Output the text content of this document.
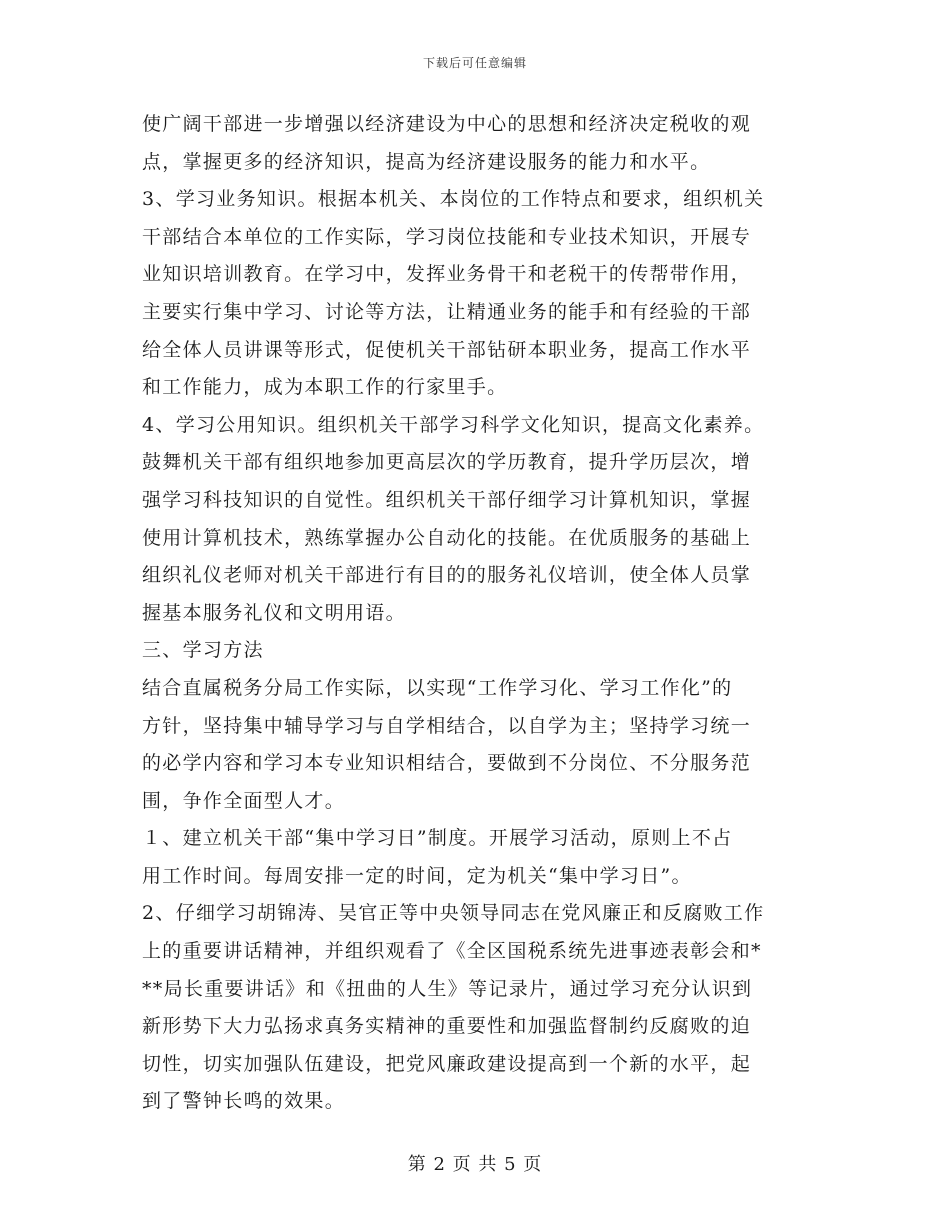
下载后可任意编辑
使广阔干部进一步增强以经济建设为中心的思想和经济决定税收的观
点，掌握更多的经济知识，提高为经济建设服务的能力和水平。
3、学习业务知识。根据本机关、本岗位的工作特点和要求，组织机关
干部结合本单位的工作实际，学习岗位技能和专业技术知识，开展专
业知识培训教育。在学习中，发挥业务骨干和老税干的传帮带作用，
主要实行集中学习、讨论等方法，让精通业务的能手和有经验的干部
给全体人员讲课等形式，促使机关干部钻研本职业务，提高工作水平
和工作能力，成为本职工作的行家里手。
4、学习公用知识。组织机关干部学习科学文化知识，提高文化素养。
鼓舞机关干部有组织地参加更高层次的学历教育，提升学历层次，增
强学习科技知识的自觉性。组织机关干部仔细学习计算机知识，掌握
使用计算机技术，熟练掌握办公自动化的技能。在优质服务的基础上
组织礼仪老师对机关干部进行有目的的服务礼仪培训，使全体人员掌
握基本服务礼仪和文明用语。
三、学习方法
结合直属税务分局工作实际，以实现“工作学习化、学习工作化”的
方针，坚持集中辅导学习与自学相结合，以自学为主；坚持学习统一
的必学内容和学习本专业知识相结合，要做到不分岗位、不分服务范
围，争作全面型人才。
１、建立机关干部“集中学习日”制度。开展学习活动，原则上不占
用工作时间。每周安排一定的时间，定为机关“集中学习日”。
2、仔细学习胡锦涛、吴官正等中央领导同志在党风廉正和反腐败工作
上的重要讲话精神，并组织观看了《全区国税系统先进事迹表彰会和*
**局长重要讲话》和《扭曲的人生》等记录片，通过学习充分认识到
新形势下大力弘扬求真务实精神的重要性和加强监督制约反腐败的迫
切性，切实加强队伍建设，把党风廉政建设提高到一个新的水平，起
到了警钟长鸣的效果。
第 2 页 共 5 页
